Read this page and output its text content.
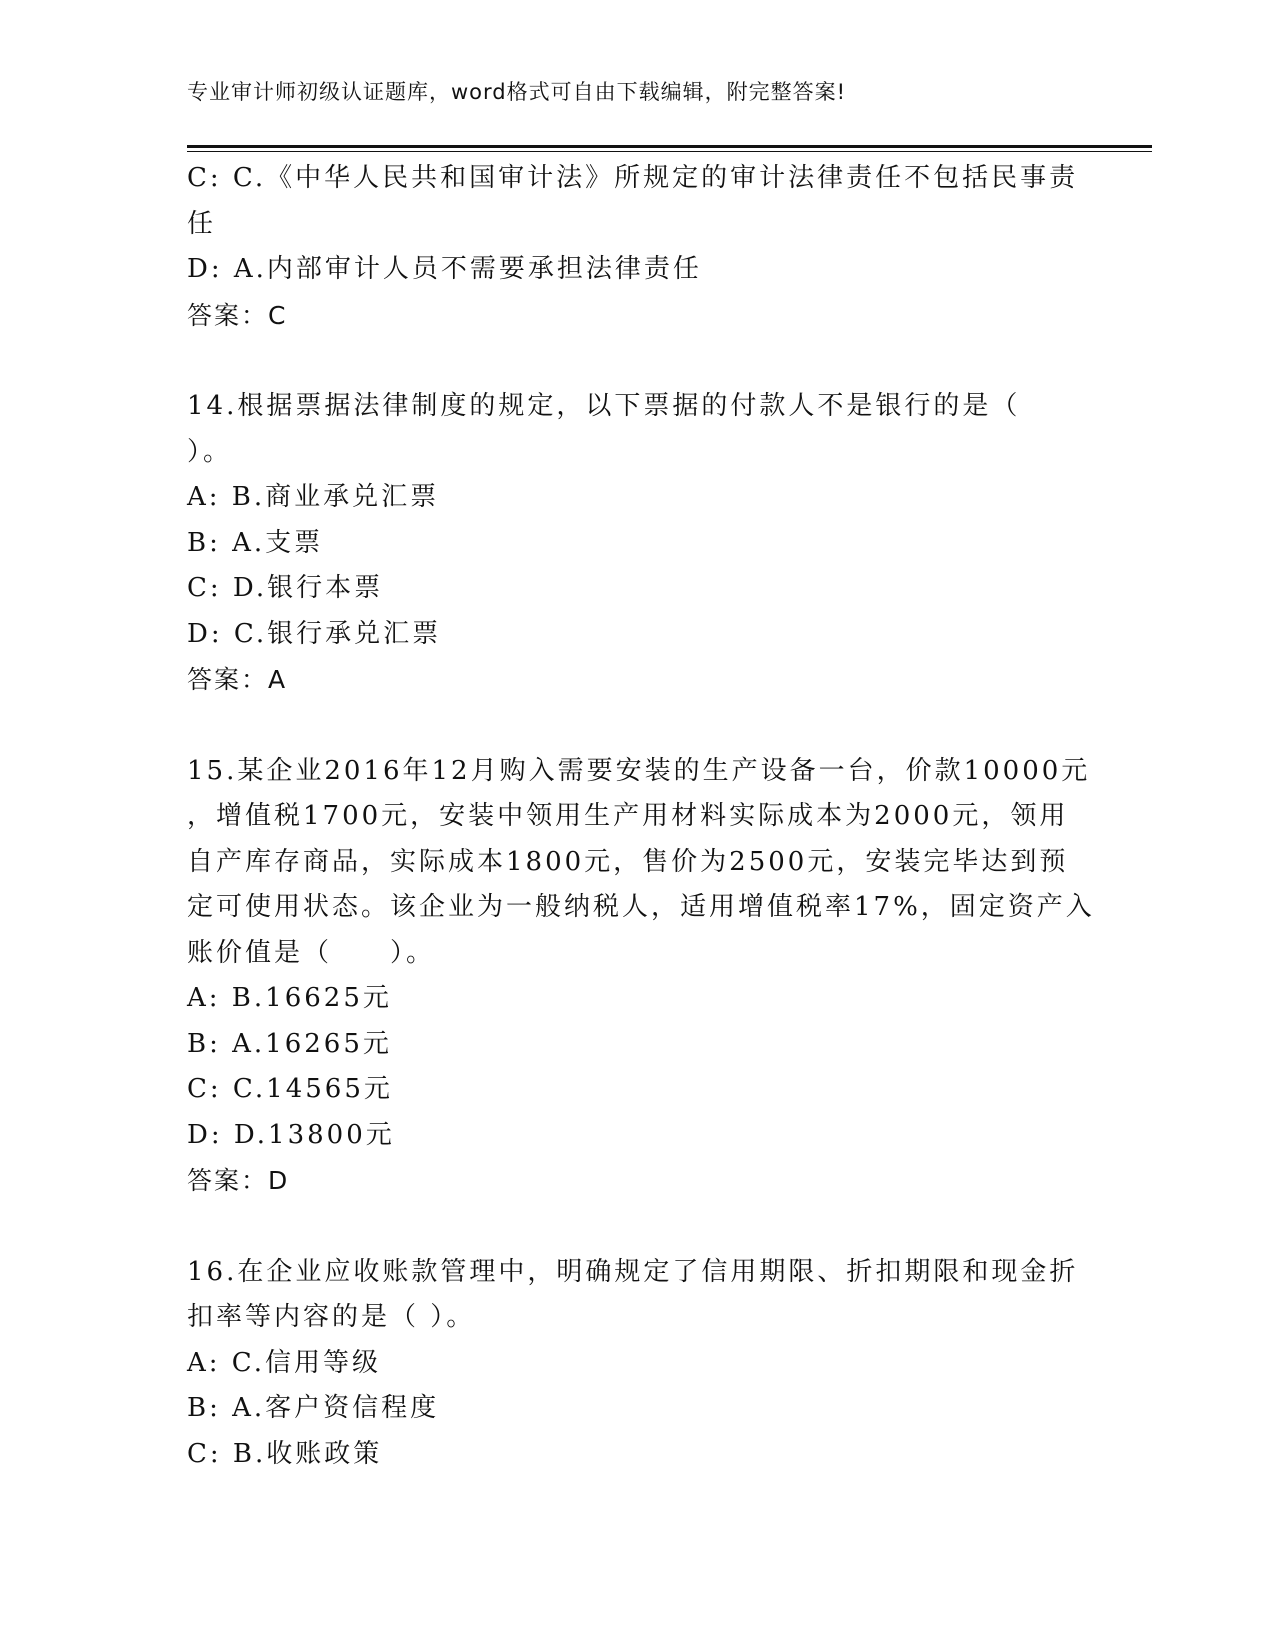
专业审计师初级认证题库，word格式可自由下载编辑，附完整答案!
C: C.《中华人民共和国审计法》所规定的审计法律责任不包括民事责
任
D: A.内部审计人员不需要承担法律责任
答案：C
14.根据票据法律制度的规定，以下票据的付款人不是银行的是（
）。
A: B.商业承兑汇票
B: A.支票
C: D.银行本票
D: C.银行承兑汇票
答案：A
15.某企业2016年12月购入需要安装的生产设备一台，价款10000元
，增值税1700元，安装中领用生产用材料实际成本为2000元，领用
自产库存商品，实际成本1800元，售价为2500元，安装完毕达到预
定可使用状态。该企业为一般纳税人，适用增值税率17%，固定资产入
账价值是（　　）。
A: B.16625元
B: A.16265元
C: C.14565元
D: D.13800元
答案：D
16.在企业应收账款管理中，明确规定了信用期限、折扣期限和现金折
扣率等内容的是（ ）。
A: C.信用等级
B: A.客户资信程度
C: B.收账政策
